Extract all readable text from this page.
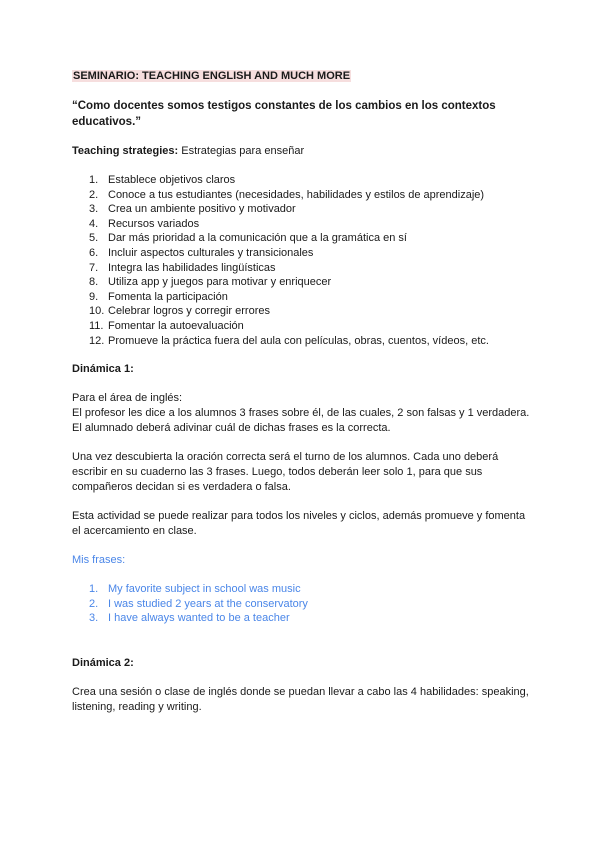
SEMINARIO: TEACHING ENGLISH AND MUCH MORE
“Como docentes somos testigos constantes de los cambios en los contextos educativos.”
Teaching strategies: Estrategias para enseñar
1. Establece objetivos claros
2. Conoce a tus estudiantes (necesidades, habilidades y estilos de aprendizaje)
3. Crea un ambiente positivo y motivador
4. Recursos variados
5. Dar más prioridad a la comunicación que a la gramática en sí
6. Incluir aspectos culturales y transicionales
7. Integra las habilidades lingüísticas
8. Utiliza app y juegos para motivar y enriquecer
9. Fomenta la participación
10. Celebrar logros y corregir errores
11. Fomentar la autoevaluación
12. Promueve la práctica fuera del aula con películas, obras, cuentos, vídeos, etc.
Dinámica 1:
Para el área de inglés:
El profesor les dice a los alumnos 3 frases sobre él, de las cuales, 2 son falsas y 1 verdadera. El alumnado deberá adivinar cuál de dichas frases es la correcta.
Una vez descubierta la oración correcta será el turno de los alumnos. Cada uno deberá escribir en su cuaderno las 3 frases. Luego, todos deberán leer solo 1, para que sus compañeros decidan si es verdadera o falsa.
Esta actividad se puede realizar para todos los niveles y ciclos, además promueve y fomenta el acercamiento en clase.
Mis frases:
1. My favorite subject in school was music
2. I was studied 2 years at the conservatory
3. I have always wanted to be a teacher
Dinámica 2:
Crea una sesión o clase de inglés donde se puedan llevar a cabo las 4 habilidades: speaking, listening, reading y writing.
